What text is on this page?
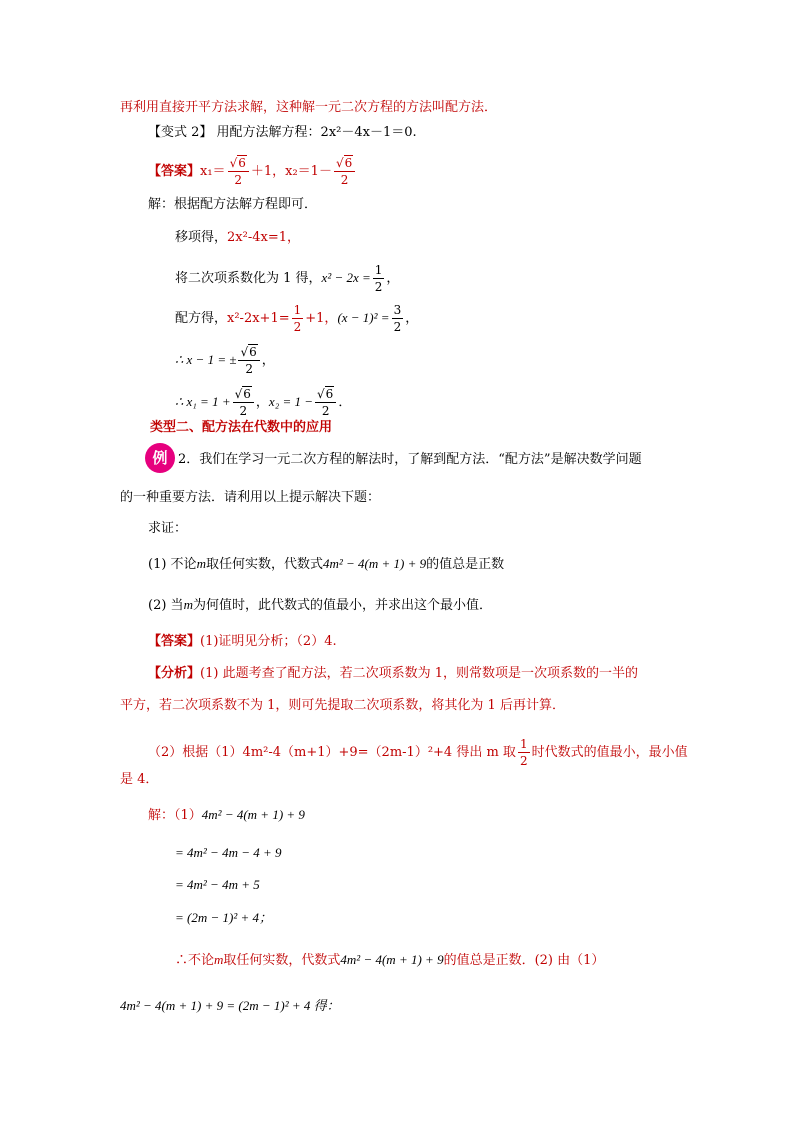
再利用直接开平方法求解，这种解一元二次方程的方法叫配方法．
【变式 2】 用配方法解方程：2x²－4x－1＝0.
【答案】$x_1= \frac{√6}{2} +1$，$x_2=1- \frac{√6}{2}$
解：根据配方法解方程即可．
移项得，2x²-4x=1，
将二次项系数化为 1 得，$x^2 - 2x = \frac{1}{2}$ ，
配方得，$x^2-2x+1= \frac{1}{2} +1$，$(x - 1)^2 = \frac{3}{2}$ ，
∴ x − 1 = ± $\frac{√6}{2}$ ，
∴ $x_1 = 1 + \frac{√6}{2}$ ，$x_2 = 1 - \frac{√6}{2}$ ．
类型二、配方法在代数中的应用
例 2．我们在学习一元二次方程的解法时，了解到配方法．“配方法”是解决数学问题
的一种重要方法．请利用以上提示解决下题：
求证：
(1) 不论m取任何实数，代数式4m² − 4(m + 1) + 9的值总是正数
(2) 当m为何值时，此代数式的值最小，并求出这个最小值．
【答案】(1)证明见分析；（2）4.
【分析】(1) 此题考查了配方法，若二次项系数为 1，则常数项是一次项系数的一半的
平方，若二次项系数不为 1，则可先提取二次项系数，将其化为 1 后再计算．
（2）根据（1）4m²-4（m+1）+9=（2m-1）²+4 得出 m 取 $\frac{1}{2}$ 时代数式的值最小，最小值
是 4．
解：（1）4m² − 4(m + 1) + 9
= 4m² − 4m − 4 + 9
= 4m² − 4m + 5
= (2m − 1)² + 4；
∴不论m取任何实数，代数式4m² − 4(m + 1) + 9的值总是正数．(2) 由（1）
4m² − 4(m + 1) + 9 = (2m − 1)² + 4 得：
